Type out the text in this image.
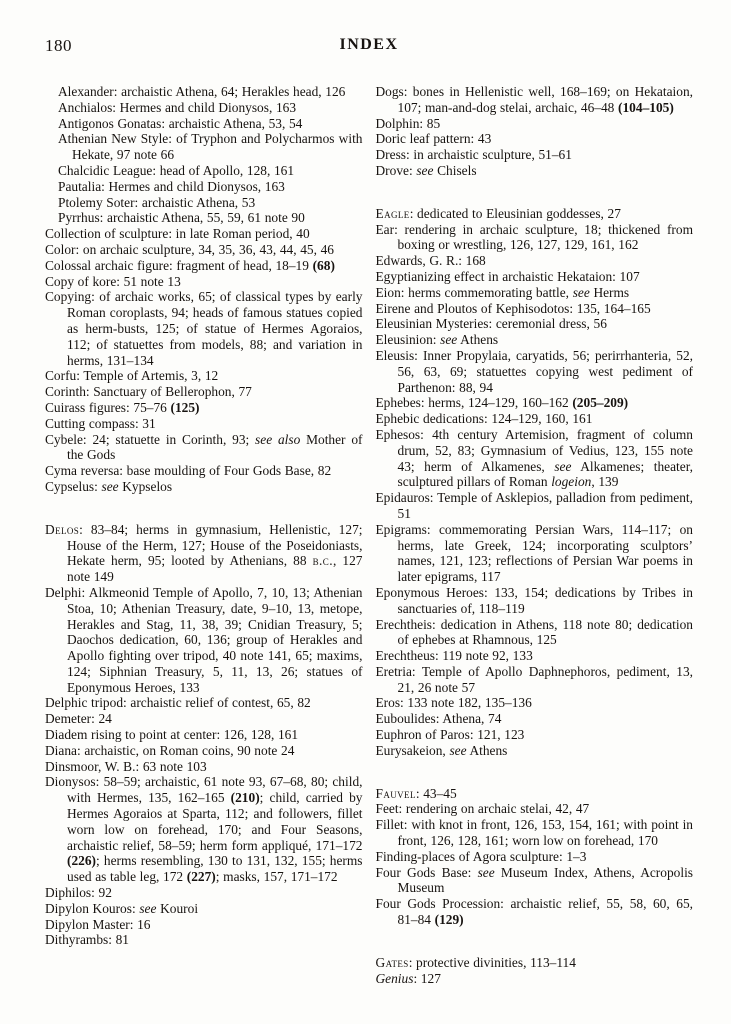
180	INDEX

Alexander: archaistic Athena, 64; Herakles head, 126

Anchialos: Hermes and child Dionysos, 163

Antigonos Gonatas: archaistic Athena, 53, 54

Athenian New Style: of Tryphon and Polycharmos with Hekate, 97 note 66

Chalcidic League: head of Apollo, 128, 161

Pautalia: Hermes and child Dionysos, 163

Ptolemy Soter: archaistic Athena, 53

Pyrrhus: archaistic Athena, 55, 59, 61 note 90

Collection of sculpture: in late Roman period, 40

Color: on archaic sculpture, 34, 35, 36, 43, 44, 45, 46

Colossal archaic figure: fragment of head, 18–19 (68)

Copy of kore: 51 note 13

Copying: of archaic works, 65; of classical types by early Roman coroplasts, 94; heads of famous statues copied as herm-busts, 125; of statue of Hermes Agoraios, 112; of statuettes from models, 88; and variation in herms, 131–134

Corfu: Temple of Artemis, 3, 12

Corinth: Sanctuary of Bellerophon, 77

Cuirass figures: 75–76 (125)

Cutting compass: 31

Cybele: 24; statuette in Corinth, 93; see also Mother of the Gods

Cyma reversa: base moulding of Four Gods Base, 82

Cypselus: see Kypselos

Delos: 83–84; herms in gymnasium, Hellenistic, 127; House of the Herm, 127; House of the Poseidoniasts, Hekate herm, 95; looted by Athenians, 88 b.c., 127 note 149

Delphi: Alkmeonid Temple of Apollo, 7, 10, 13; Athenian Stoa, 10; Athenian Treasury, date, 9–10, 13, metope, Herakles and Stag, 11, 38, 39; Cnidian Treasury, 5; Daochos dedication, 60, 136; group of Herakles and Apollo fighting over tripod, 40 note 141, 65; maxims, 124; Siphnian Treasury, 5, 11, 13, 26; statues of Eponymous Heroes, 133

Delphic tripod: archaistic relief of contest, 65, 82

Demeter: 24

Diadem rising to point at center: 126, 128, 161

Diana: archaistic, on Roman coins, 90 note 24

Dinsmoor, W. B.: 63 note 103

Dionysos: 58–59; archaistic, 61 note 93, 67–68, 80; child, with Hermes, 135, 162–165 (210); child, carried by Hermes Agoraios at Sparta, 112; and followers, fillet worn low on forehead, 170; and Four Seasons, archaistic relief, 58–59; herm form appliqué, 171–172 (226); herms resembling, 130 to 131, 132, 155; herms used as table leg, 172 (227); masks, 157, 171–172

Diphilos: 92

Dipylon Kouros: see Kouroi

Dipylon Master: 16

Dithyrambs: 81

Dogs: bones in Hellenistic well, 168–169; on Hekataion, 107; man-and-dog stelai, archaic, 46–48 (104–105)

Dolphin: 85

Doric leaf pattern: 43

Dress: in archaistic sculpture, 51–61

Drove: see Chisels

Eagle: dedicated to Eleusinian goddesses, 27

Ear: rendering in archaic sculpture, 18; thickened from boxing or wrestling, 126, 127, 129, 161, 162

Edwards, G. R.: 168

Egyptianizing effect in archaistic Hekataion: 107

Eion: herms commemorating battle, see Herms

Eirene and Ploutos of Kephisodotos: 135, 164–165

Eleusinian Mysteries: ceremonial dress, 56

Eleusinion: see Athens

Eleusis: Inner Propylaia, caryatids, 56; perirrhanteria, 52, 56, 63, 69; statuettes copying west pediment of Parthenon: 88, 94

Ephebes: herms, 124–129, 160–162 (205–209)

Ephebic dedications: 124–129, 160, 161

Ephesos: 4th century Artemision, fragment of column drum, 52, 83; Gymnasium of Vedius, 123, 155 note 43; herm of Alkamenes, see Alkamenes; theater, sculptured pillars of Roman logeion, 139

Epidauros: Temple of Asklepios, palladion from pediment, 51

Epigrams: commemorating Persian Wars, 114–117; on herms, late Greek, 124; incorporating sculptors’ names, 121, 123; reflections of Persian War poems in later epigrams, 117

Eponymous Heroes: 133, 154; dedications by Tribes in sanctuaries of, 118–119

Erechtheis: dedication in Athens, 118 note 80; dedication of ephebes at Rhamnous, 125

Erechtheus: 119 note 92, 133

Eretria: Temple of Apollo Daphnephoros, pediment, 13, 21, 26 note 57

Eros: 133 note 182, 135–136

Euboulides: Athena, 74

Euphron of Paros: 121, 123

Eurysakeion, see Athens

Fauvel: 43–45

Feet: rendering on archaic stelai, 42, 47

Fillet: with knot in front, 126, 153, 154, 161; with point in front, 126, 128, 161; worn low on forehead, 170

Finding-places of Agora sculpture: 1–3

Four Gods Base: see Museum Index, Athens, Acropolis Museum

Four Gods Procession: archaistic relief, 55, 58, 60, 65, 81–84 (129)

Gates: protective divinities, 113–114

Genius: 127
